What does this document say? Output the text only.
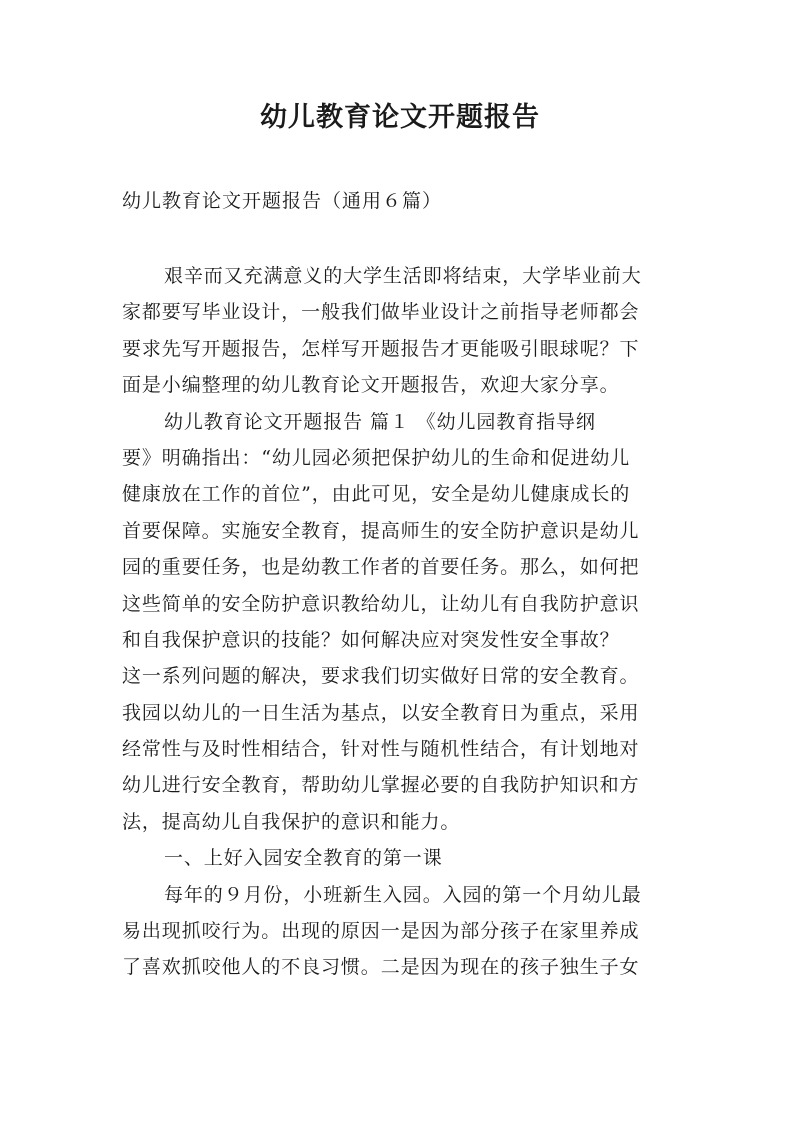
幼儿教育论文开题报告
幼儿教育论文开题报告（通用６篇）
艰辛而又充满意义的大学生活即将结束，大学毕业前大
家都要写毕业设计，一般我们做毕业设计之前指导老师都会
要求先写开题报告，怎样写开题报告才更能吸引眼球呢？下
面是小编整理的幼儿教育论文开题报告，欢迎大家分享。
幼儿教育论文开题报告 篇１ 《幼儿园教育指导纲
要》明确指出：“幼儿园必须把保护幼儿的生命和促进幼儿
健康放在工作的首位”，由此可见，安全是幼儿健康成长的
首要保障。实施安全教育，提高师生的安全防护意识是幼儿
园的重要任务，也是幼教工作者的首要任务。那么，如何把
这些简单的安全防护意识教给幼儿，让幼儿有自我防护意识
和自我保护意识的技能？如何解决应对突发性安全事故？
这一系列问题的解决，要求我们切实做好日常的安全教育。
我园以幼儿的一日生活为基点，以安全教育日为重点，采用
经常性与及时性相结合，针对性与随机性结合，有计划地对
幼儿进行安全教育，帮助幼儿掌握必要的自我防护知识和方
法，提高幼儿自我保护的意识和能力。
一、上好入园安全教育的第一课
每年的９月份，小班新生入园。入园的第一个月幼儿最
易出现抓咬行为。出现的原因一是因为部分孩子在家里养成
了喜欢抓咬他人的不良习惯。二是因为现在的孩子独生子女
